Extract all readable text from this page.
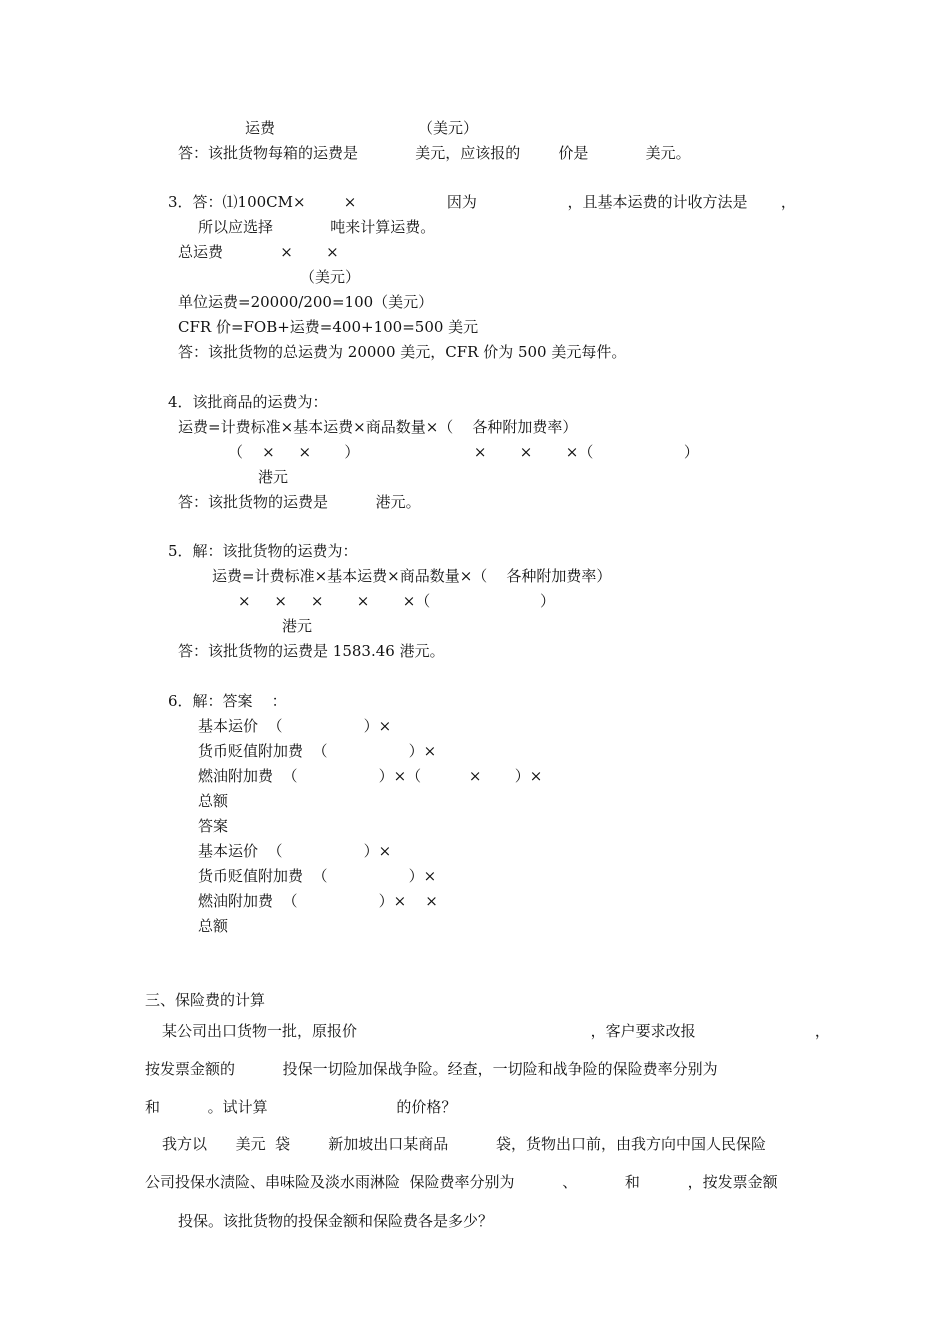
运费                              （美元）
答：该批货物每箱的运费是            美元，应该报的        价是            美元。
3．答：⑴100CM×        ×                   因为                   ，且基本运费的计收方法是       ，
所以应选择            吨来计算运费。
总运费            ×       ×
（美元）
单位运费=20000/200=100（美元）
CFR 价=FOB+运费=400+100=500 美元
答：该批货物的总运费为 20000 美元，CFR 价为 500 美元每件。
4．该批商品的运费为：
运费=计费标准×基本运费×商品数量×（    各种附加费率）
（    ×     ×       ）                        ×       ×       ×（                   ）
港元
答：该批货物的运费是          港元。
5．解：该批货物的运费为：
运费=计费标准×基本运费×商品数量×（    各种附加费率）
×     ×     ×       ×       ×（                       ）
港元
答：该批货物的运费是 1583.46 港元。
6．解：答案    ：
基本运价  （                 ）×
货币贬值附加费  （                 ）×
燃油附加费  （                 ）×（          ×       ）×
总额
答案
基本运价  （                 ）×
货币贬值附加费  （                 ）×
燃油附加费  （                 ）×    ×
总额
三、保险费的计算
某公司出口货物一批，原报价                                                 ，客户要求改报                         ，
按发票金额的          投保一切险加保战争险。经查，一切险和战争险的保险费率分别为
和          。试计算                           的价格？
我方以      美元  袋        新加坡出口某商品          袋，货物出口前，由我方向中国人民保险
公司投保水渍险、串味险及淡水雨淋险  保险费率分别为          、          和          ，按发票金额
投保。该批货物的投保金额和保险费各是多少？
